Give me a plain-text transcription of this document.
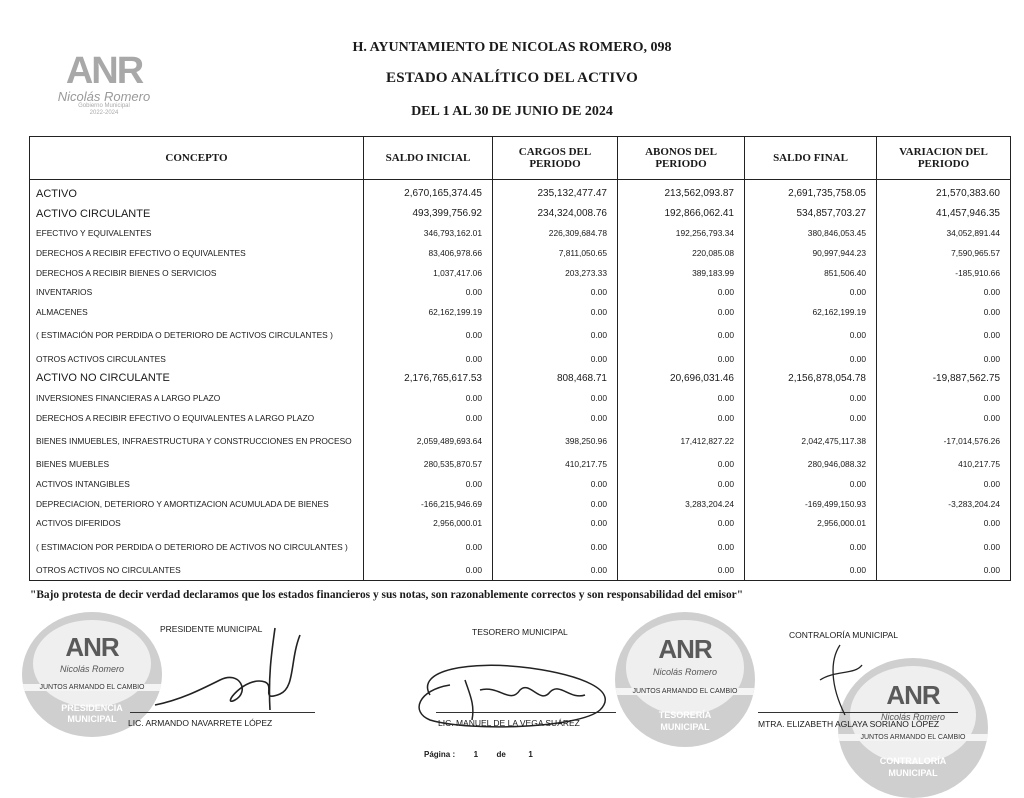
H. AYUNTAMIENTO DE NICOLAS ROMERO, 098
ESTADO ANALÍTICO DEL ACTIVO
DEL 1 AL 30 DE JUNIO DE 2024
ANR
Nicolás Romero
Gobierno Municipal
2022-2024
CONCEPTO	SALDO INICIAL	CARGOS DEL PERIODO	ABONOS DEL PERIODO	SALDO FINAL	VARIACION DEL PERIODO
ACTIVO	2,670,165,374.45	235,132,477.47	213,562,093.87	2,691,735,758.05	21,570,383.60
ACTIVO CIRCULANTE	493,399,756.92	234,324,008.76	192,866,062.41	534,857,703.27	41,457,946.35
EFECTIVO Y EQUIVALENTES	346,793,162.01	226,309,684.78	192,256,793.34	380,846,053.45	34,052,891.44
DERECHOS A RECIBIR EFECTIVO O EQUIVALENTES	83,406,978.66	7,811,050.65	220,085.08	90,997,944.23	7,590,965.57
DERECHOS A RECIBIR BIENES O SERVICIOS	1,037,417.06	203,273.33	389,183.99	851,506.40	-185,910.66
INVENTARIOS	0.00	0.00	0.00	0.00	0.00
ALMACENES	62,162,199.19	0.00	0.00	62,162,199.19	0.00
( ESTIMACIÓN POR PERDIDA O DETERIORO DE ACTIVOS CIRCULANTES )	0.00	0.00	0.00	0.00	0.00
OTROS ACTIVOS CIRCULANTES	0.00	0.00	0.00	0.00	0.00
ACTIVO NO CIRCULANTE	2,176,765,617.53	808,468.71	20,696,031.46	2,156,878,054.78	-19,887,562.75
INVERSIONES FINANCIERAS A LARGO PLAZO	0.00	0.00	0.00	0.00	0.00
DERECHOS A RECIBIR EFECTIVO O EQUIVALENTES A LARGO PLAZO	0.00	0.00	0.00	0.00	0.00
BIENES INMUEBLES, INFRAESTRUCTURA Y CONSTRUCCIONES EN PROCESO	2,059,489,693.64	398,250.96	17,412,827.22	2,042,475,117.38	-17,014,576.26
BIENES MUEBLES	280,535,870.57	410,217.75	0.00	280,946,088.32	410,217.75
ACTIVOS INTANGIBLES	0.00	0.00	0.00	0.00	0.00
DEPRECIACION, DETERIORO Y AMORTIZACION ACUMULADA DE BIENES	-166,215,946.69	0.00	3,283,204.24	-169,499,150.93	-3,283,204.24
ACTIVOS DIFERIDOS	2,956,000.01	0.00	0.00	2,956,000.01	0.00
( ESTIMACION POR PERDIDA O DETERIORO DE ACTIVOS NO CIRCULANTES )	0.00	0.00	0.00	0.00	0.00
OTROS ACTIVOS NO CIRCULANTES	0.00	0.00	0.00	0.00	0.00
"Bajo protesta de decir verdad declaramos que los estados financieros y sus notas, son razonablemente correctos y son responsabilidad del emisor"
ANR
Nicolás Romero
JUNTOS ARMANDO EL CAMBIO
PRESIDENCIA
MUNICIPAL
ANR
Nicolás Romero
JUNTOS ARMANDO EL CAMBIO
TESORERÍA
MUNICIPAL
ANR
Nicolás Romero
JUNTOS ARMANDO EL CAMBIO
CONTRALORÍA
MUNICIPAL
PRESIDENTE MUNICIPAL
LIC. ARMANDO NAVARRETE LÓPEZ
TESORERO MUNICIPAL
LIC. MANUEL DE LA VEGA SUÁREZ
CONTRALORÍA MUNICIPAL
MTRA. ELIZABETH AGLAYA SORIANO LÓPEZ
Página : 1 de	1
